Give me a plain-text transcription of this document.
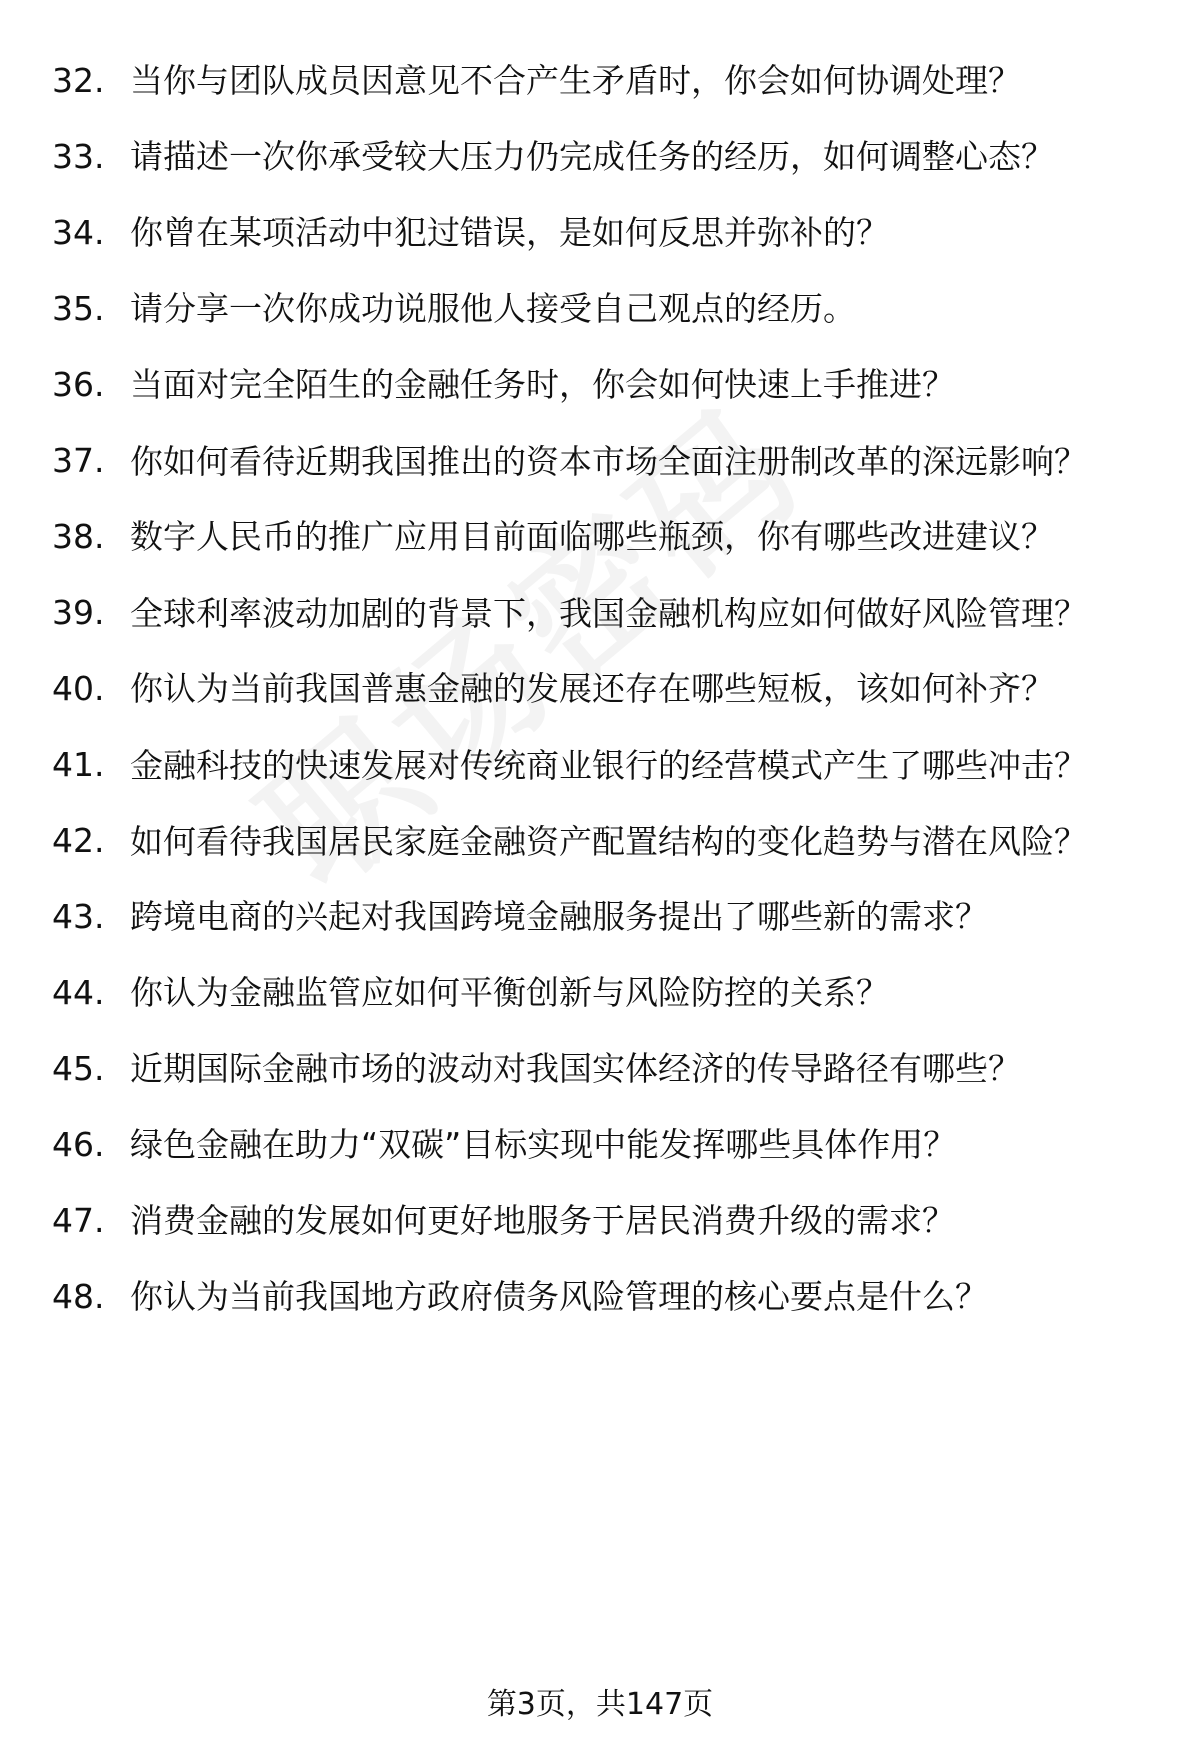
32. 当你与团队成员因意见不合产生矛盾时，你会如何协调处理？
33. 请描述一次你承受较大压力仍完成任务的经历，如何调整心态？
34. 你曾在某项活动中犯过错误，是如何反思并弥补的？
35. 请分享一次你成功说服他人接受自己观点的经历。
36. 当面对完全陌生的金融任务时，你会如何快速上手推进？
37. 你如何看待近期我国推出的资本市场全面注册制改革的深远影响？
38. 数字人民币的推广应用目前面临哪些瓶颈，你有哪些改进建议？
39. 全球利率波动加剧的背景下，我国金融机构应如何做好风险管理？
40. 你认为当前我国普惠金融的发展还存在哪些短板，该如何补齐？
41. 金融科技的快速发展对传统商业银行的经营模式产生了哪些冲击？
42. 如何看待我国居民家庭金融资产配置结构的变化趋势与潜在风险？
43. 跨境电商的兴起对我国跨境金融服务提出了哪些新的需求？
44. 你认为金融监管应如何平衡创新与风险防控的关系？
45. 近期国际金融市场的波动对我国实体经济的传导路径有哪些？
46. 绿色金融在助力“双碳”目标实现中能发挥哪些具体作用？
47. 消费金融的发展如何更好地服务于居民消费升级的需求？
48. 你认为当前我国地方政府债务风险管理的核心要点是什么？
第3页，共147页
